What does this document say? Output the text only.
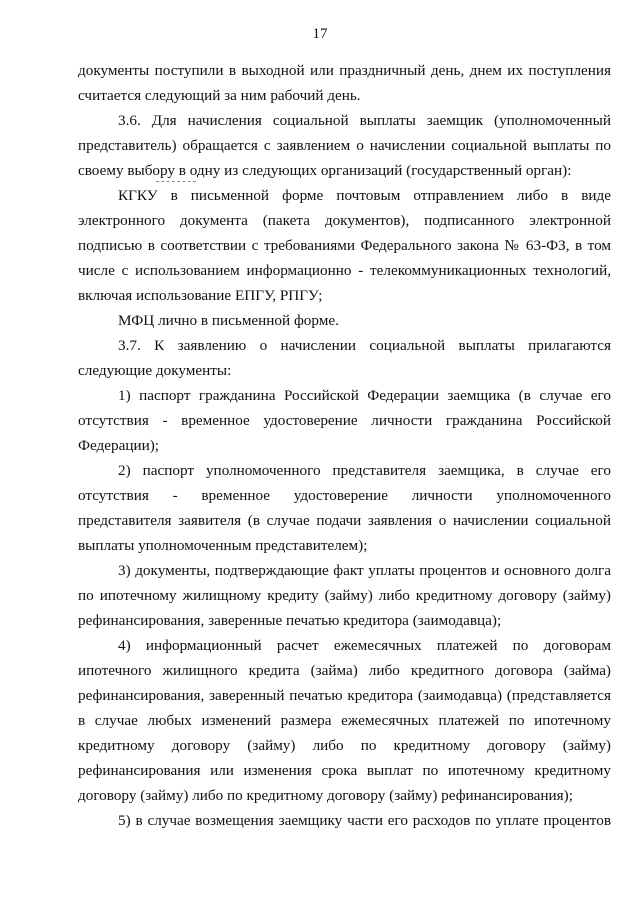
17
документы поступили в выходной или праздничный день, днем их поступления
считается следующий за ним рабочий день.
3.6. Для начисления социальной выплаты заемщик (уполномоченный
представитель) обращается с заявлением о начислении социальной выплаты по
своему выбору в одну из следующих организаций (государственный орган):
КГКУ в письменной форме почтовым отправлением либо в виде
электронного документа (пакета документов), подписанного электронной
подписью в соответствии с требованиями Федерального закона № 63-ФЗ, в том
числе с использованием информационно - телекоммуникационных технологий,
включая использование ЕПГУ, РПГУ;
МФЦ лично в письменной форме.
3.7. К заявлению о начислении социальной выплаты прилагаются
следующие документы:
1) паспорт гражданина Российской Федерации заемщика (в случае его
отсутствия - временное удостоверение личности гражданина Российской
Федерации);
2) паспорт уполномоченного представителя заемщика, в случае его
отсутствия - временное удостоверение личности уполномоченного
представителя заявителя (в случае подачи заявления о начислении социальной
выплаты уполномоченным представителем);
3) документы, подтверждающие факт уплаты процентов и основного долга
по ипотечному жилищному кредиту (займу) либо кредитному договору (займу)
рефинансирования, заверенные печатью кредитора (заимодавца);
4) информационный расчет ежемесячных платежей по договорам
ипотечного жилищного кредита (займа) либо кредитного договора (займа)
рефинансирования, заверенный печатью кредитора (заимодавца) (представляется
в случае любых изменений размера ежемесячных платежей по ипотечному
кредитному договору (займу) либо по кредитному договору (займу)
рефинансирования или изменения срока выплат по ипотечному кредитному
договору (займу) либо по кредитному договору (займу) рефинансирования);
5) в случае возмещения заемщику части его расходов по уплате процентов
